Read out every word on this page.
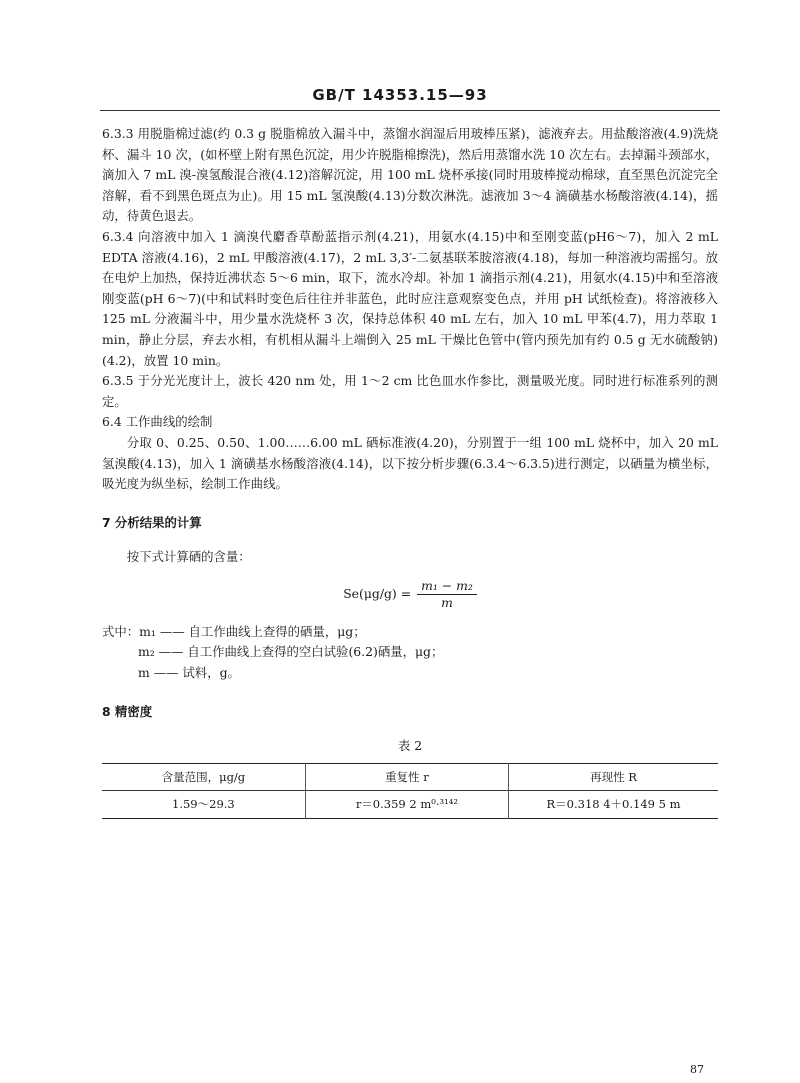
GB/T 14353.15—93

6.3.3 用脱脂棉过滤(约 0.3 g 脱脂棉放入漏斗中，蒸馏水润湿后用玻棒压紧)，滤液弃去。用盐酸溶液(4.9)洗烧杯、漏斗 10 次，(如杯壁上附有黑色沉淀，用少许脱脂棉擦洗)，然后用蒸馏水洗 10 次左右。去掉漏斗颈部水，滴加入 7 mL 溴-溴氢酸混合液(4.12)溶解沉淀，用 100 mL 烧杯承接(同时用玻棒搅动棉球，直至黑色沉淀完全溶解，看不到黑色斑点为止)。用 15 mL 氢溴酸(4.13)分数次淋洗。滤液加 3～4 滴磺基水杨酸溶液(4.14)，摇动，待黄色退去。

6.3.4 向溶液中加入 1 滴溴代麝香草酚蓝指示剂(4.21)，用氨水(4.15)中和至刚变蓝(pH6～7)，加入 2 mL EDTA 溶液(4.16)，2 mL 甲酸溶液(4.17)，2 mL 3,3′-二氨基联苯胺溶液(4.18)，每加一种溶液均需摇匀。放在电炉上加热，保持近沸状态 5～6 min，取下，流水冷却。补加 1 滴指示剂(4.21)，用氨水(4.15)中和至溶液刚变蓝(pH 6～7)(中和试料时变色后往往并非蓝色，此时应注意观察变色点，并用 pH 试纸检查)。将溶液移入 125 mL 分液漏斗中，用少量水洗烧杯 3 次，保持总体积 40 mL 左右，加入 10 mL 甲苯(4.7)，用力萃取 1 min，静止分层，弃去水相，有机相从漏斗上端倒入 25 mL 干燥比色管中(管内预先加有约 0.5 g 无水硫酸钠)(4.2)，放置 10 min。

6.3.5 于分光光度计上，波长 420 nm 处，用 1～2 cm 比色皿水作参比，测量吸光度。同时进行标准系列的测定。

6.4 工作曲线的绘制

分取 0、0.25、0.50、1.00……6.00 mL 硒标准液(4.20)，分别置于一组 100 mL 烧杯中，加入 20 mL 氢溴酸(4.13)，加入 1 滴磺基水杨酸溶液(4.14)，以下按分析步骤(6.3.4～6.3.5)进行测定，以硒量为横坐标，吸光度为纵坐标，绘制工作曲线。

7 分析结果的计算

按下式计算硒的含量：

$Se(\mu g/g) = \frac{\text{m₁ − m₂}}{m}$

式中：m₁ —— 自工作曲线上查得的硒量，μg；

m₂ —— 自工作曲线上查得的空白试验(6.2)硒量，μg；

m —— 试料，g。

8 精密度

表 2
含量范围，μg/g	重复性 r	再现性 R
1.59～29.3	r＝0.359 2 m⁰·³¹⁴²	R＝0.318 4＋0.149 5 m
87
